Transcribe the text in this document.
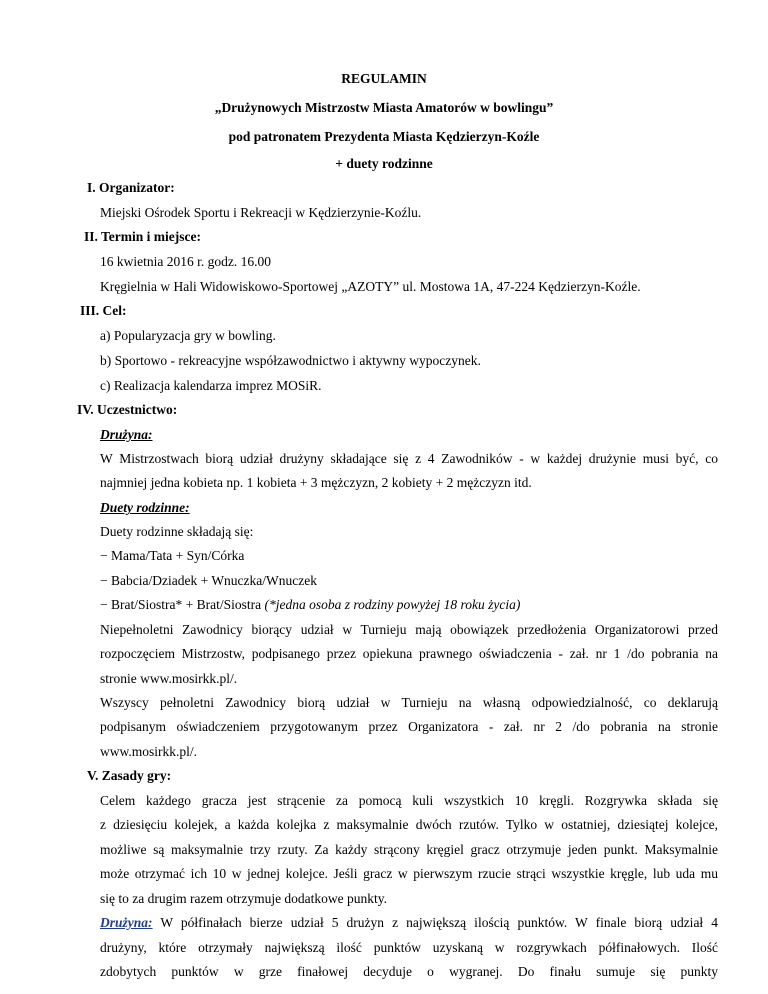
REGULAMIN
„Drużynowych Mistrzostw Miasta Amatorów w bowlingu”
pod patronatem Prezydenta Miasta Kędzierzyn-Koźle
+ duety rodzinne
I. Organizator:
Miejski Ośrodek Sportu i Rekreacji w Kędzierzynie-Koźlu.
II. Termin i miejsce:
16 kwietnia 2016 r. godz. 16.00
Kręgielnia w Hali Widowiskowo-Sportowej „AZOTY” ul. Mostowa 1A, 47-224 Kędzierzyn-Koźle.
III. Cel:
a) Popularyzacja gry w bowling.
b) Sportowo - rekreacyjne współzawodnictwo i aktywny wypoczynek.
c) Realizacja kalendarza imprez MOSiR.
IV. Uczestnictwo:
Drużyna:
W Mistrzostwach biorą udział drużyny składające się z 4 Zawodników - w każdej drużynie musi być, co
najmniej jedna kobieta np. 1 kobieta + 3 mężczyzn, 2 kobiety + 2 mężczyzn itd.
Duety rodzinne:
Duety rodzinne składają się:
− Mama/Tata + Syn/Córka
− Babcia/Dziadek + Wnuczka/Wnuczek
− Brat/Siostra* + Brat/Siostra (*jedna osoba z rodziny powyżej 18 roku życia)
Niepełnoletni Zawodnicy biorący udział w Turnieju mają obowiązek przedłożenia Organizatorowi przed
rozpoczęciem Mistrzostw, podpisanego przez opiekuna prawnego oświadczenia - zał. nr 1 /do pobrania na
stronie www.mosirkk.pl/.
Wszyscy pełnoletni Zawodnicy biorą udział w Turnieju na własną odpowiedzialność, co deklarują
podpisanym oświadczeniem przygotowanym przez Organizatora - zał. nr 2 /do pobrania na stronie
www.mosirkk.pl/.
V. Zasady gry:
Celem każdego gracza jest strącenie za pomocą kuli wszystkich 10 kręgli. Rozgrywka składa się
z dziesięciu kolejek, a każda kolejka z maksymalnie dwóch rzutów. Tylko w ostatniej, dziesiątej kolejce,
możliwe są maksymalnie trzy rzuty. Za każdy strącony kręgiel gracz otrzymuje jeden punkt. Maksymalnie
może otrzymać ich 10 w jednej kolejce. Jeśli gracz w pierwszym rzucie strąci wszystkie kręgle, lub uda mu
się to za drugim razem otrzymuje dodatkowe punkty.
Drużyna: W półfinałach bierze udział 5 drużyn z największą ilością punktów. W finale biorą udział 4
drużyny, które otrzymały największą ilość punktów uzyskaną w rozgrywkach półfinałowych. Ilość
zdobytych punktów w grze finałowej decyduje o wygranej. Do finału sumuje się punkty
